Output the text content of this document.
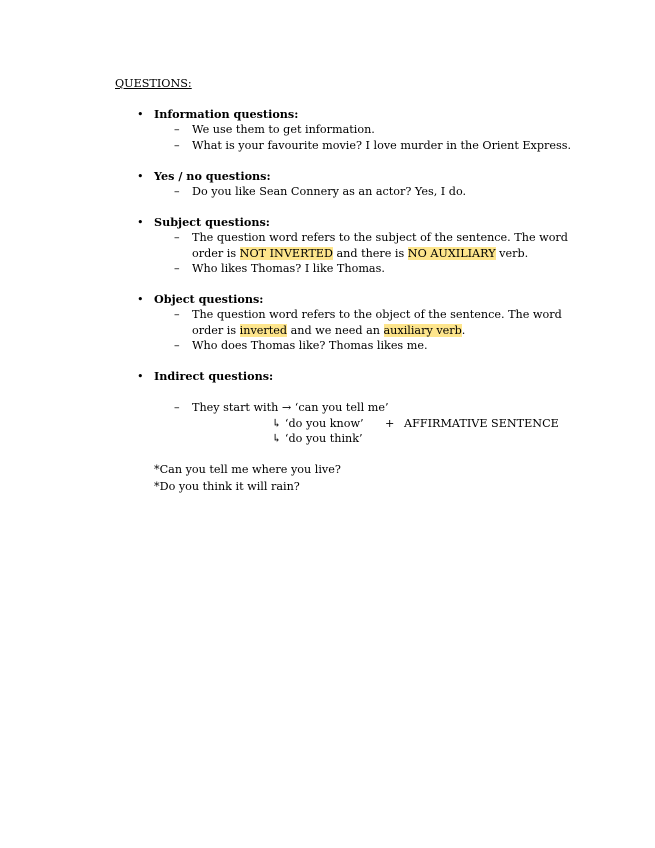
QUESTIONS:
• Information questions:
– We use them to get information.
– What is your favourite movie? I love murder in the Orient Express.
• Yes / no questions:
– Do you like Sean Connery as an actor? Yes, I do.
• Subject questions:
– The question word refers to the subject of the sentence. The word order is NOT INVERTED and there is NO AUXILIARY verb.
– Who likes Thomas? I like Thomas.
• Object questions:
– The question word refers to the object of the sentence. The word order is inverted and we need an auxiliary verb.
– Who does Thomas like? Thomas likes me.
• Indirect questions:
– They start with → ‘can you tell me’
↳ ‘do you know’ + AFFIRMATIVE SENTENCE
↳ ‘do you think’
*Can you tell me where you live?
*Do you think it will rain?
